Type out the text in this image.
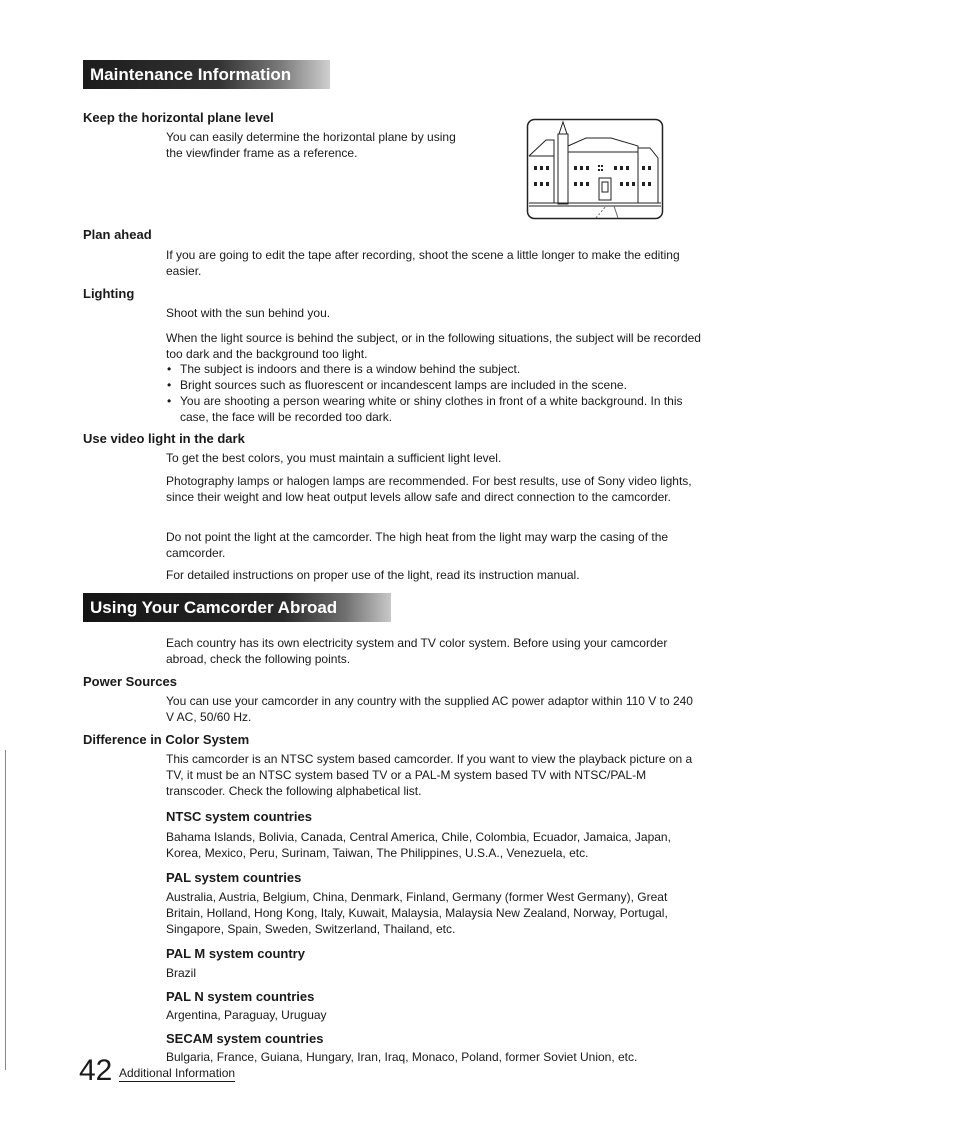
Maintenance Information
Keep the horizontal plane level
You can easily determine the horizontal plane by using the viewfinder frame as a reference.
Plan ahead
If you are going to edit the tape after recording, shoot the scene a little longer to make the editing easier.
Lighting
Shoot with the sun behind you.
When the light source is behind the subject, or in the following situations, the subject will be recorded too dark and the background too light.
• The subject is indoors and there is a window behind the subject.
• Bright sources such as fluorescent or incandescent lamps are included in the scene.
• You are shooting a person wearing white or shiny clothes in front of a white background. In this case, the face will be recorded too dark.
Use video light in the dark
To get the best colors, you must maintain a sufficient light level.
Photography lamps or halogen lamps are recommended. For best results, use of Sony video lights, since their weight and low heat output levels allow safe and direct connection to the camcorder.
Do not point the light at the camcorder. The high heat from the light may warp the casing of the camcorder.
For detailed instructions on proper use of the light, read its instruction manual.
Using Your Camcorder Abroad
Each country has its own electricity system and TV color system. Before using your camcorder abroad, check the following points.
Power Sources
You can use your camcorder in any country with the supplied AC power adaptor within 110 V to 240 V AC, 50/60 Hz.
Difference in Color System
This camcorder is an NTSC system based camcorder. If you want to view the playback picture on a TV, it must be an NTSC system based TV or a PAL-M system based TV with NTSC/PAL-M transcoder. Check the following alphabetical list.
NTSC system countries
Bahama Islands, Bolivia, Canada, Central America, Chile, Colombia, Ecuador, Jamaica, Japan, Korea, Mexico, Peru, Surinam, Taiwan, The Philippines, U.S.A., Venezuela, etc.
PAL system countries
Australia, Austria, Belgium, China, Denmark, Finland, Germany (former West Germany), Great Britain, Holland, Hong Kong, Italy, Kuwait, Malaysia, Malaysia New Zealand, Norway, Portugal, Singapore, Spain, Sweden, Switzerland, Thailand, etc.
PAL M system country
Brazil
PAL N system countries
Argentina, Paraguay, Uruguay
SECAM system countries
Bulgaria, France, Guiana, Hungary, Iran, Iraq, Monaco, Poland, former Soviet Union, etc.
42 Additional Information
